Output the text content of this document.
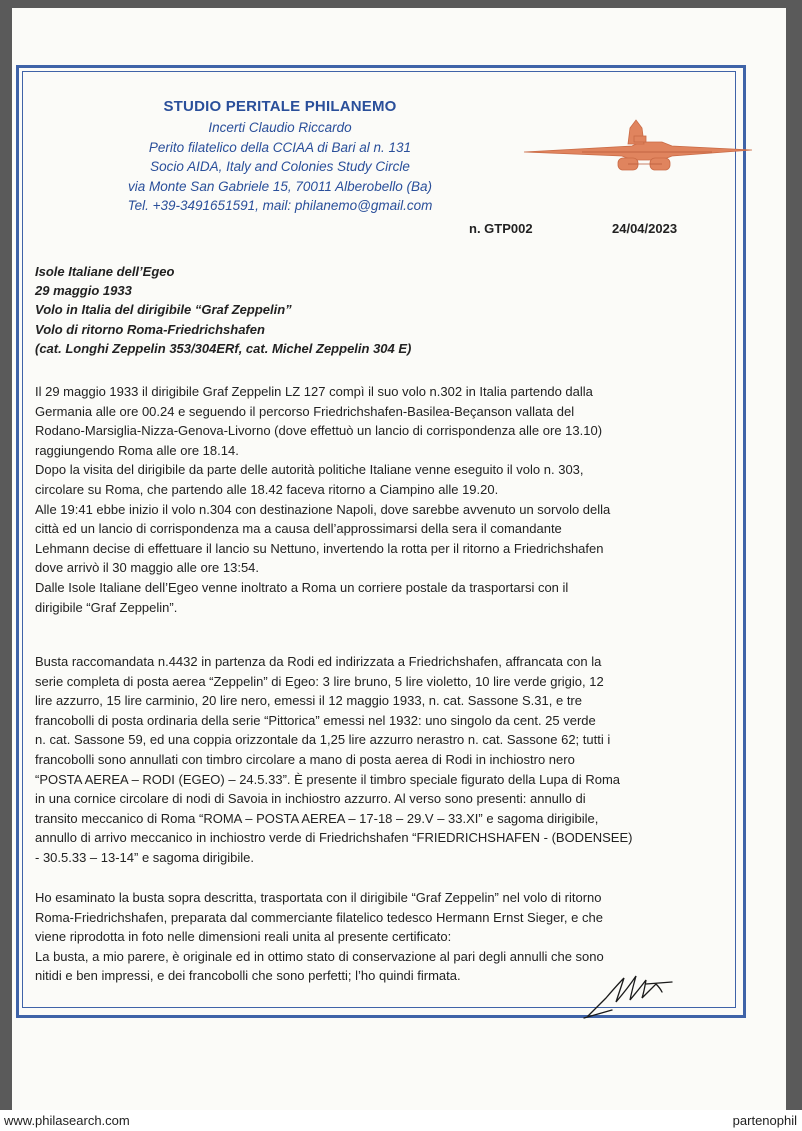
STUDIO PERITALE PHILANEMO
Incerti Claudio Riccardo
Perito filatelico della CCIAA di Bari al n. 131
Socio AIDA, Italy and Colonies Study Circle
via Monte San Gabriele 15, 70011 Alberobello (Ba)
Tel. +39-3491651591, mail: philanemo@gmail.com
n. GTP002	24/04/2023
Isole Italiane dell’Egeo
29 maggio 1933
Volo in Italia del dirigibile “Graf Zeppelin”
Volo di ritorno Roma-Friedrichshafen
(cat. Longhi Zeppelin 353/304ERf, cat. Michel Zeppelin 304 E)
Il 29 maggio 1933 il dirigibile Graf Zeppelin LZ 127 compì il suo volo n.302 in Italia partendo dalla
Germania alle ore 00.24 e seguendo il percorso Friedrichshafen-Basilea-Beçanson vallata del
Rodano-Marsiglia-Nizza-Genova-Livorno (dove effettuò un lancio di corrispondenza alle ore 13.10)
raggiungendo Roma alle ore 18.14.
Dopo la visita del dirigibile da parte delle autorità politiche Italiane venne eseguito il volo n. 303,
circolare su Roma, che partendo alle 18.42 faceva ritorno a Ciampino alle 19.20.
Alle 19:41 ebbe inizio il volo n.304 con destinazione Napoli, dove sarebbe avvenuto un sorvolo della
città ed un lancio di corrispondenza ma a causa dell’approssimarsi della sera il comandante
Lehmann decise di effettuare il lancio su Nettuno, invertendo la rotta per il ritorno a Friedrichshafen
dove arrivò il 30 maggio alle ore 13:54.
Dalle Isole Italiane dell’Egeo venne inoltrato a Roma un corriere postale da trasportarsi con il
dirigibile “Graf Zeppelin”.
Busta raccomandata n.4432 in partenza da Rodi ed indirizzata a Friedrichshafen, affrancata con la
serie completa di posta aerea “Zeppelin” di Egeo: 3 lire bruno, 5 lire violetto, 10 lire verde grigio, 12
lire azzurro, 15 lire carminio, 20 lire nero, emessi il 12 maggio 1933, n. cat. Sassone S.31, e tre
francobolli di posta ordinaria della serie “Pittorica” emessi nel 1932: uno singolo da cent. 25 verde
n. cat. Sassone 59, ed una coppia orizzontale da 1,25 lire azzurro nerastro n. cat. Sassone 62; tutti i
francobolli sono annullati con timbro circolare a mano di posta aerea di Rodi in inchiostro nero
“POSTA AEREA – RODI (EGEO) – 24.5.33”. È presente il timbro speciale figurato della Lupa di Roma
in una cornice circolare di nodi di Savoia in inchiostro azzurro. Al verso sono presenti: annullo di
transito meccanico di Roma “ROMA – POSTA AEREA – 17-18 – 29.V – 33.XI” e sagoma dirigibile,
annullo di arrivo meccanico in inchiostro verde di Friedrichshafen “FRIEDRICHSHAFEN - (BODENSEE)
- 30.5.33 – 13-14” e sagoma dirigibile.
Ho esaminato la busta sopra descritta, trasportata con il dirigibile “Graf Zeppelin” nel volo di ritorno
Roma-Friedrichshafen, preparata dal commerciante filatelico tedesco Hermann Ernst Sieger, e che
viene riprodotta in foto nelle dimensioni reali unita al presente certificato:
La busta, a mio parere, è originale ed in ottimo stato di conservazione al pari degli annulli che sono
nitidi e ben impressi, e dei francobolli che sono perfetti; l’ho quindi firmata.
www.philasearch.com	partenophil
